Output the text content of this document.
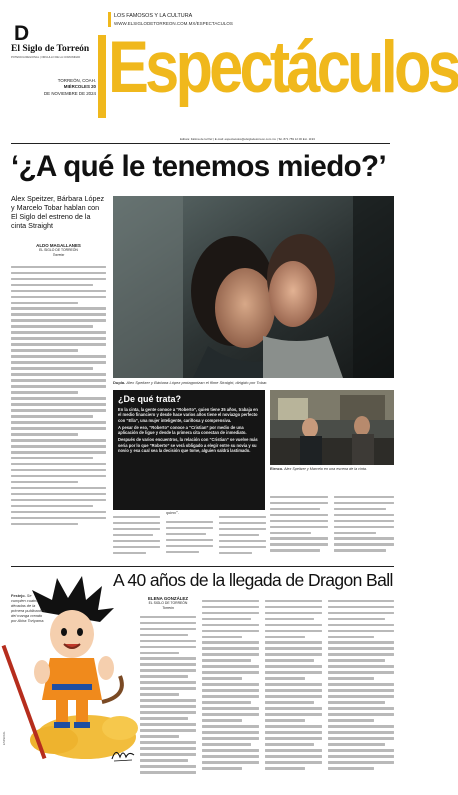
D
El Siglo de Torreón
POTENCIA REGIONAL | ORGULLO DE LA COMUNIDAD
TORREÓN, COAH.
MIÉRCOLES 20
DE NOVIEMBRE DE 2024
LOS FAMOSOS Y LA CULTURA
WWW.ELSIGLODETORREON.COM.MX/ESPECTACULOS
Espectáculos
Editora: Fátima de la Paz | E-mail: espectaculos@elsiglodetorreon.com.mx | Tel. 871 759 12 00 Ext. 1193
‘¿A qué le tenemos miedo?’
Alex Speitzer, Bárbara López y Marcelo Tobar hablan con El Siglo del estreno de la cinta Straight
ALDO MAGALLANES
EL SIGLO DE TORREÓN
Torreón
Dupla. Alex Speitzer y Bárbara López protagonizan el filme Straight, dirigido por Tobar.
¿De qué trata?

En la cinta, la gente conoce a “Roberto”, quien tiene 35 años, trabaja en el medio financiero y desde hace varios años tiene el noviazgo perfecto con “Ella”, una mujer inteligente, cariñosa y comprensiva.

A pesar de eso, “Roberto” conoce a “Cristian” por medio de una aplicación de ligue y desde la primera cita conectan de inmediato.

Después de varios encuentros, la relación con “Cristian” se vuelve más seria por lo que “Roberto” se verá obligado a elegir entre su novia y su novio y esa cual sea la decisión que tome, alguien saldrá lastimado.

Elenco. Alex Speitzer y Marcelo en una escena de la cinta.
quiero”.
A 40 años de la llegada de Dragon Ball
Festejo. Se cumplen cuatro décadas de la primera publicación del manga creado por Akira Toriyama.
ESPECIAL
ELENA GONZÁLEZ
EL SIGLO DE TORREÓN
Torreón
